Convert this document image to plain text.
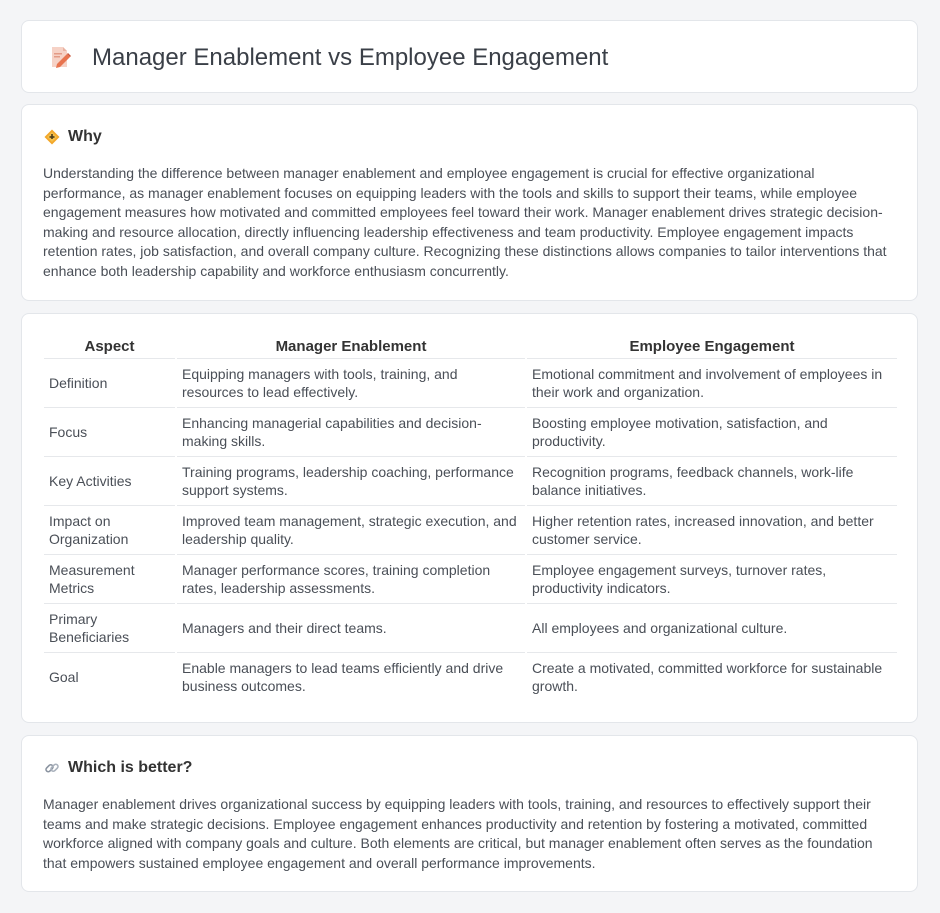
Manager Enablement vs Employee Engagement
Why

Understanding the difference between manager enablement and employee engagement is crucial for effective organizational performance, as manager enablement focuses on equipping leaders with the tools and skills to support their teams, while employee engagement measures how motivated and committed employees feel toward their work. Manager enablement drives strategic decision-making and resource allocation, directly influencing leadership effectiveness and team productivity. Employee engagement impacts retention rates, job satisfaction, and overall company culture. Recognizing these distinctions allows companies to tailor interventions that enhance both leadership capability and workforce enthusiasm concurrently.

Aspect	Manager Enablement	Employee Engagement
Definition	Equipping managers with tools, training, and resources to lead effectively.	Emotional commitment and involvement of employees in their work and organization.
Focus	Enhancing managerial capabilities and decision-making skills.	Boosting employee motivation, satisfaction, and productivity.
Key Activities	Training programs, leadership coaching, performance support systems.	Recognition programs, feedback channels, work-life balance initiatives.
Impact on Organization	Improved team management, strategic execution, and leadership quality.	Higher retention rates, increased innovation, and better customer service.
Measurement Metrics	Manager performance scores, training completion rates, leadership assessments.	Employee engagement surveys, turnover rates, productivity indicators.
Primary Beneficiaries	Managers and their direct teams.	All employees and organizational culture.
Goal	Enable managers to lead teams efficiently and drive business outcomes.	Create a motivated, committed workforce for sustainable growth.
Which is better?

Manager enablement drives organizational success by equipping leaders with tools, training, and resources to effectively support their teams and make strategic decisions. Employee engagement enhances productivity and retention by fostering a motivated, committed workforce aligned with company goals and culture. Both elements are critical, but manager enablement often serves as the foundation that empowers sustained employee engagement and overall performance improvements.
